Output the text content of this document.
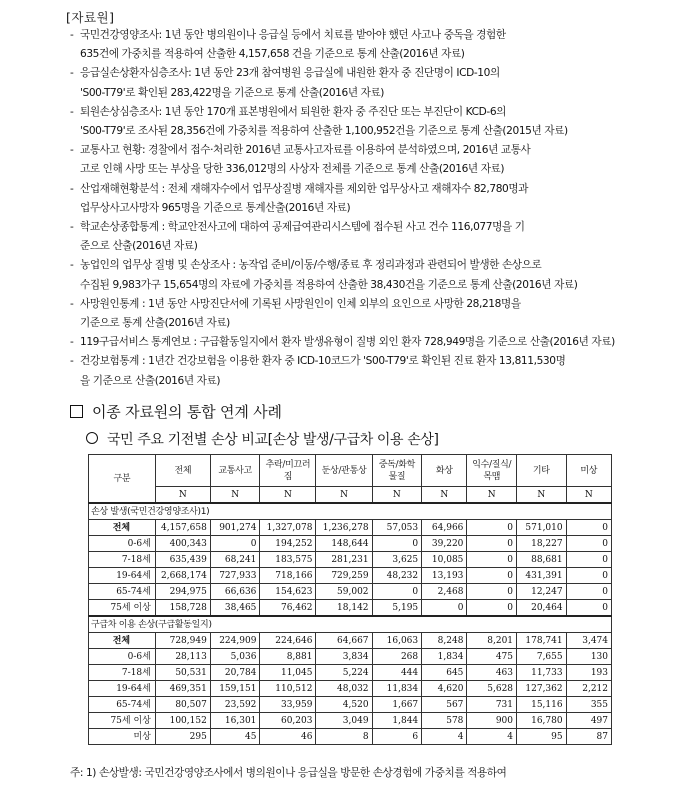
[자료원]
- 국민건강영양조사: 1년 동안 병의원이나 응급실 등에서 치료를 받아야 했던 사고나 중독을 경험한
635건에 가중치를 적용하여 산출한 4,157,658 건을 기준으로 통계 산출(2016년 자료)
- 응급실손상환자심층조사: 1년 동안 23개 참여병원 응급실에 내원한 환자 중 진단명이 ICD-10의
'S00-T79'로 확인된 283,422명을 기준으로 통계 산출(2016년 자료)
- 퇴원손상심층조사: 1년 동안 170개 표본병원에서 퇴원한 환자 중 주진단 또는 부진단이 KCD-6의
'S00-T79'로 조사된 28,356건에 가중치를 적용하여 산출한 1,100,952건을 기준으로 통계 산출(2015년 자료)
- 교통사고 현황: 경찰에서 접수·처리한 2016년 교통사고자료를 이용하여 분석하였으며, 2016년 교통사
고로 인해 사망 또는 부상을 당한 336,012명의 사상자 전체를 기준으로 통계 산출(2016년 자료)
- 산업재해현황분석 : 전체 재해자수에서 업무상질병 재해자를 제외한 업무상사고 재해자수 82,780명과
업무상사고사망자 965명을 기준으로 통계산출(2016년 자료)
- 학교손상종합통계 : 학교안전사고에 대하여 공제급여관리시스템에 접수된 사고 건수 116,077명을 기
준으로 산출(2016년 자료)
- 농업인의 업무상 질병 및 손상조사 : 농작업 준비/이동/수행/종료 후 정리과정과 관련되어 발생한 손상으로
수집된 9,983가구 15,654명의 자료에 가중치를 적용하여 산출한 38,430건을 기준으로 통계 산출(2016년 자료)
- 사망원인통계 : 1년 동안 사망진단서에 기록된 사망원인이 인체 외부의 요인으로 사망한 28,218명을
기준으로 통계 산출(2016년 자료)
- 119구급서비스 통계연보 : 구급활동일지에서 환자 발생유형이 질병 외인 환자 728,949명을 기준으로 산출(2016년 자료)
- 건강보험통계 : 1년간 건강보험을 이용한 환자 중 ICD-10코드가 'S00-T79'로 확인된 진료 환자 13,811,530명
을 기준으로 산출(2016년 자료)
이종 자료원의 통합 연계 사례
국민 주요 기전별 손상 비교[손상 발생/구급차 이용 손상]
구분	전체	교통사고	추락/미끄러짐	둔상/관통상	중독/화학물질	화상	익수/질식/목맴	기타	미상
	N	N	N	N	N	N	N	N	N
손상 발생(국민건강영양조사)1)									
전체	4,157,658	901,274	1,327,078	1,236,278	57,053	64,966	0	571,010	0
0-6세	400,343	0	194,252	148,644	0	39,220	0	18,227	0
7-18세	635,439	68,241	183,575	281,231	3,625	10,085	0	88,681	0
19-64세	2,668,174	727,933	718,166	729,259	48,232	13,193	0	431,391	0
65-74세	294,975	66,636	154,623	59,002	0	2,468	0	12,247	0
75세 이상	158,728	38,465	76,462	18,142	5,195	0	0	20,464	0
구급차 이용 손상(구급활동일지)									
전체	728,949	224,909	224,646	64,667	16,063	8,248	8,201	178,741	3,474
0-6세	28,113	5,036	8,881	3,834	268	1,834	475	7,655	130
7-18세	50,531	20,784	11,045	5,224	444	645	463	11,733	193
19-64세	469,351	159,151	110,512	48,032	11,834	4,620	5,628	127,362	2,212
65-74세	80,507	23,592	33,959	4,520	1,667	567	731	15,116	355
75세 이상	100,152	16,301	60,203	3,049	1,844	578	900	16,780	497
미상	295	45	46	8	6	4	4	95	87
주: 1) 손상발생: 국민건강영양조사에서 병의원이나 응급실을 방문한 손상경험에 가중치를 적용하여
